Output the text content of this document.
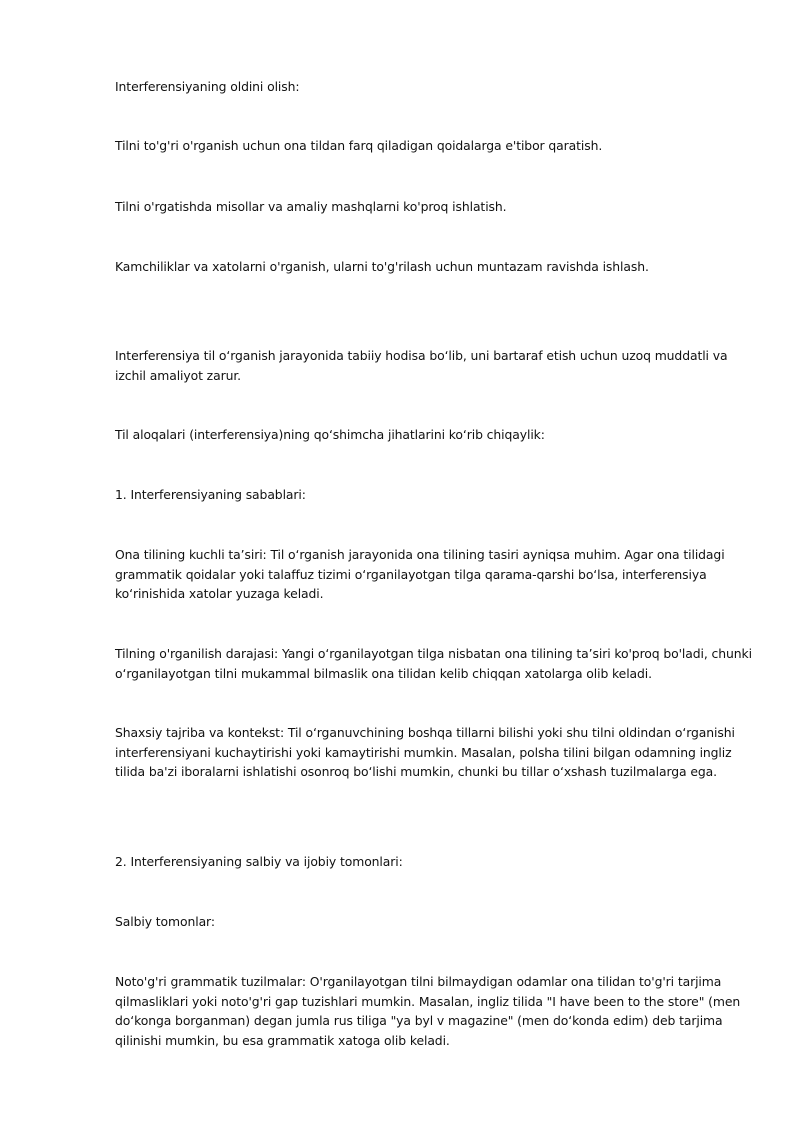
Interferensiyaning oldini olish:

Tilni to'g'ri o'rganish uchun ona tildan farq qiladigan qoidalarga e'tibor qaratish.

Tilni o'rgatishda misollar va amaliy mashqlarni ko'proq ishlatish.

Kamchiliklar va xatolarni o'rganish, ularni to'g'rilash uchun muntazam ravishda ishlash.

Interferensiya til o‘rganish jarayonida tabiiy hodisa bo‘lib, uni bartaraf etish uchun uzoq muddatli va izchil amaliyot zarur.

Til aloqalari (interferensiya)ning qo‘shimcha jihatlarini ko‘rib chiqaylik:

1. Interferensiyaning sabablari:

Ona tilining kuchli ta’siri: Til o‘rganish jarayonida ona tilining tasiri ayniqsa muhim. Agar ona tilidagi grammatik qoidalar yoki talaffuz tizimi o‘rganilayotgan tilga qarama-qarshi bo‘lsa, interferensiya ko‘rinishida xatolar yuzaga keladi.

Tilning o'rganilish darajasi: Yangi o‘rganilayotgan tilga nisbatan ona tilining ta’siri ko'proq bo'ladi, chunki o‘rganilayotgan tilni mukammal bilmaslik ona tilidan kelib chiqqan xatolarga olib keladi.

Shaxsiy tajriba va kontekst: Til o‘rganuvchining boshqa tillarni bilishi yoki shu tilni oldindan o‘rganishi interferensiyani kuchaytirishi yoki kamaytirishi mumkin. Masalan, polsha tilini bilgan odamning ingliz tilida ba'zi iboralarni ishlatishi osonroq bo‘lishi mumkin, chunki bu tillar o‘xshash tuzilmalarga ega.

2. Interferensiyaning salbiy va ijobiy tomonlari:

Salbiy tomonlar:

Noto'g'ri grammatik tuzilmalar: O'rganilayotgan tilni bilmaydigan odamlar ona tilidan to'g'ri tarjima qilmasliklari yoki noto'g'ri gap tuzishlari mumkin. Masalan, ingliz tilida "I have been to the store" (men do‘konga borganman) degan jumla rus tiliga "ya byl v magazine" (men do‘konda edim) deb tarjima qilinishi mumkin, bu esa grammatik xatoga olib keladi.
